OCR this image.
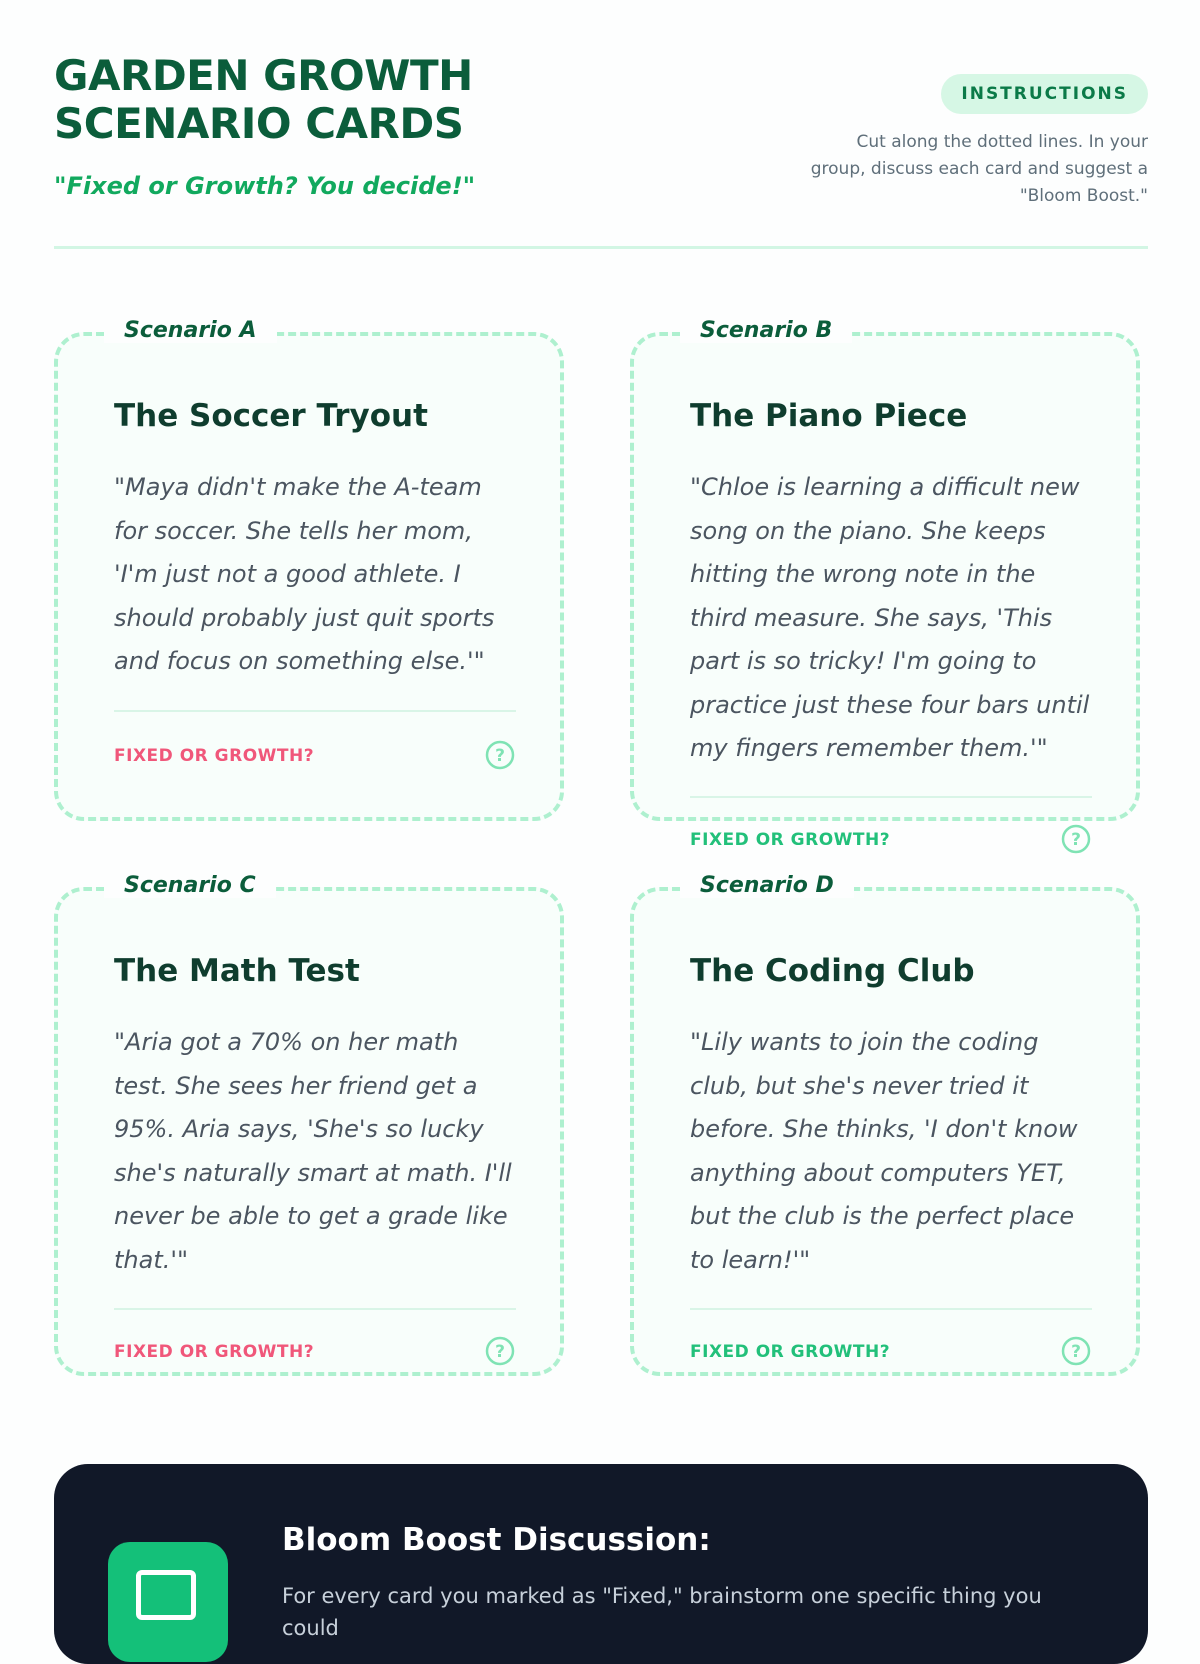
GARDEN GROWTH
SCENARIO CARDS

"Fixed or Growth? You decide!"

INSTRUCTIONS
Cut along the dotted lines. In your group, discuss each card and suggest a "Bloom Boost."
Scenario A
The Soccer Tryout

"Maya didn't make the A-team for soccer. She tells her mom, 'I'm just not a good athlete. I should probably just quit sports and focus on something else.'"

FIXED OR GROWTH?	?
Scenario B
The Piano Piece

"Chloe is learning a difficult new song on the piano. She keeps hitting the wrong note in the third measure. She says, 'This part is so tricky! I'm going to practice just these four bars until my fingers remember them.'"

FIXED OR GROWTH?	?
Scenario C
The Math Test

"Aria got a 70% on her math test. She sees her friend get a 95%. Aria says, 'She's so lucky she's naturally smart at math. I'll never be able to get a grade like that.'"

FIXED OR GROWTH?	?
Scenario D
The Coding Club

"Lily wants to join the coding club, but she's never tried it before. She thinks, 'I don't know anything about computers YET, but the club is the perfect place to learn!'"

FIXED OR GROWTH?	?
Bloom Boost Discussion:

For every card you marked as "Fixed," brainstorm one specific thing you could
